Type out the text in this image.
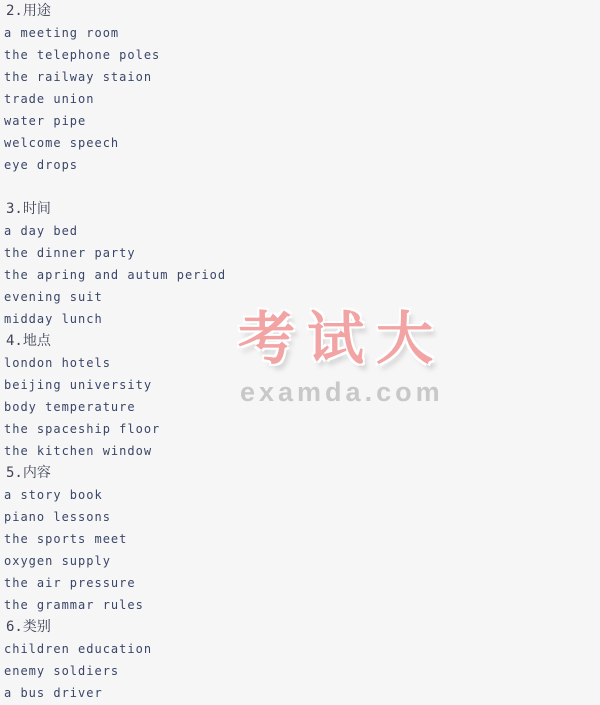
2.用途
a meeting room
the telephone poles
the railway staion
trade union
water pipe
welcome speech
eye drops
3.时间
a day bed
the dinner party
the apring and autum period
evening suit
midday lunch
4.地点
london hotels
beijing university
body temperature
the spaceship floor
the kitchen window
5.内容
a story book
piano lessons
the sports meet
oxygen supply
the air pressure
the grammar rules
6.类别
children education
enemy soldiers
a bus driver
考试大
examda.com
